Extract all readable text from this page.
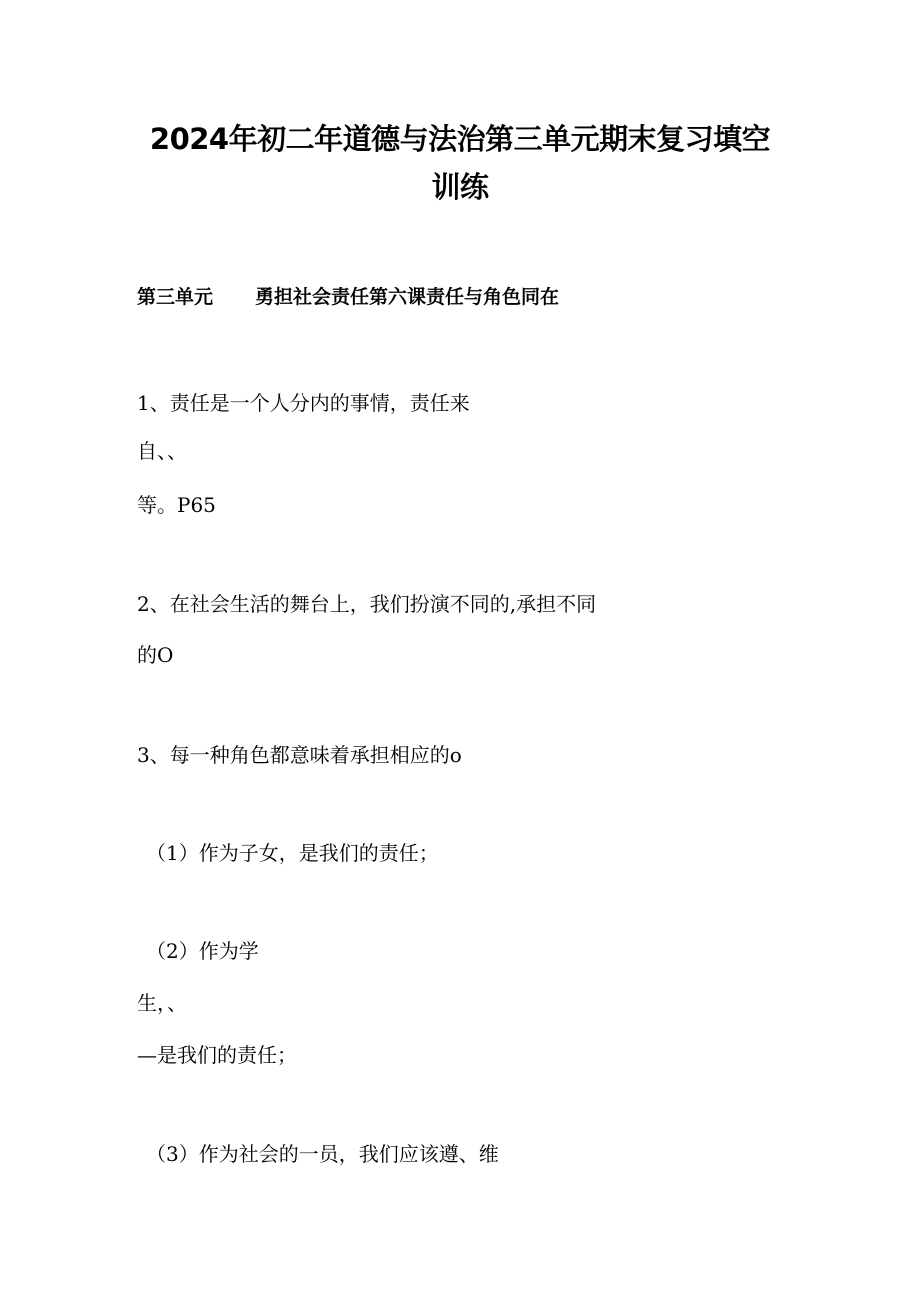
2024年初二年道德与法治第三单元期末复习填空
训练
第三单元 勇担社会责任第六课责任与角色同在
1、责任是一个人分内的事情，责任来
自、、
等。P65
2、在社会生活的舞台上，我们扮演不同的,承担不同
的O
3、每一种角色都意味着承担相应的o
（1）作为子女，是我们的责任；
（2）作为学
生，、
—是我们的责任；
（3）作为社会的一员，我们应该遵、维
